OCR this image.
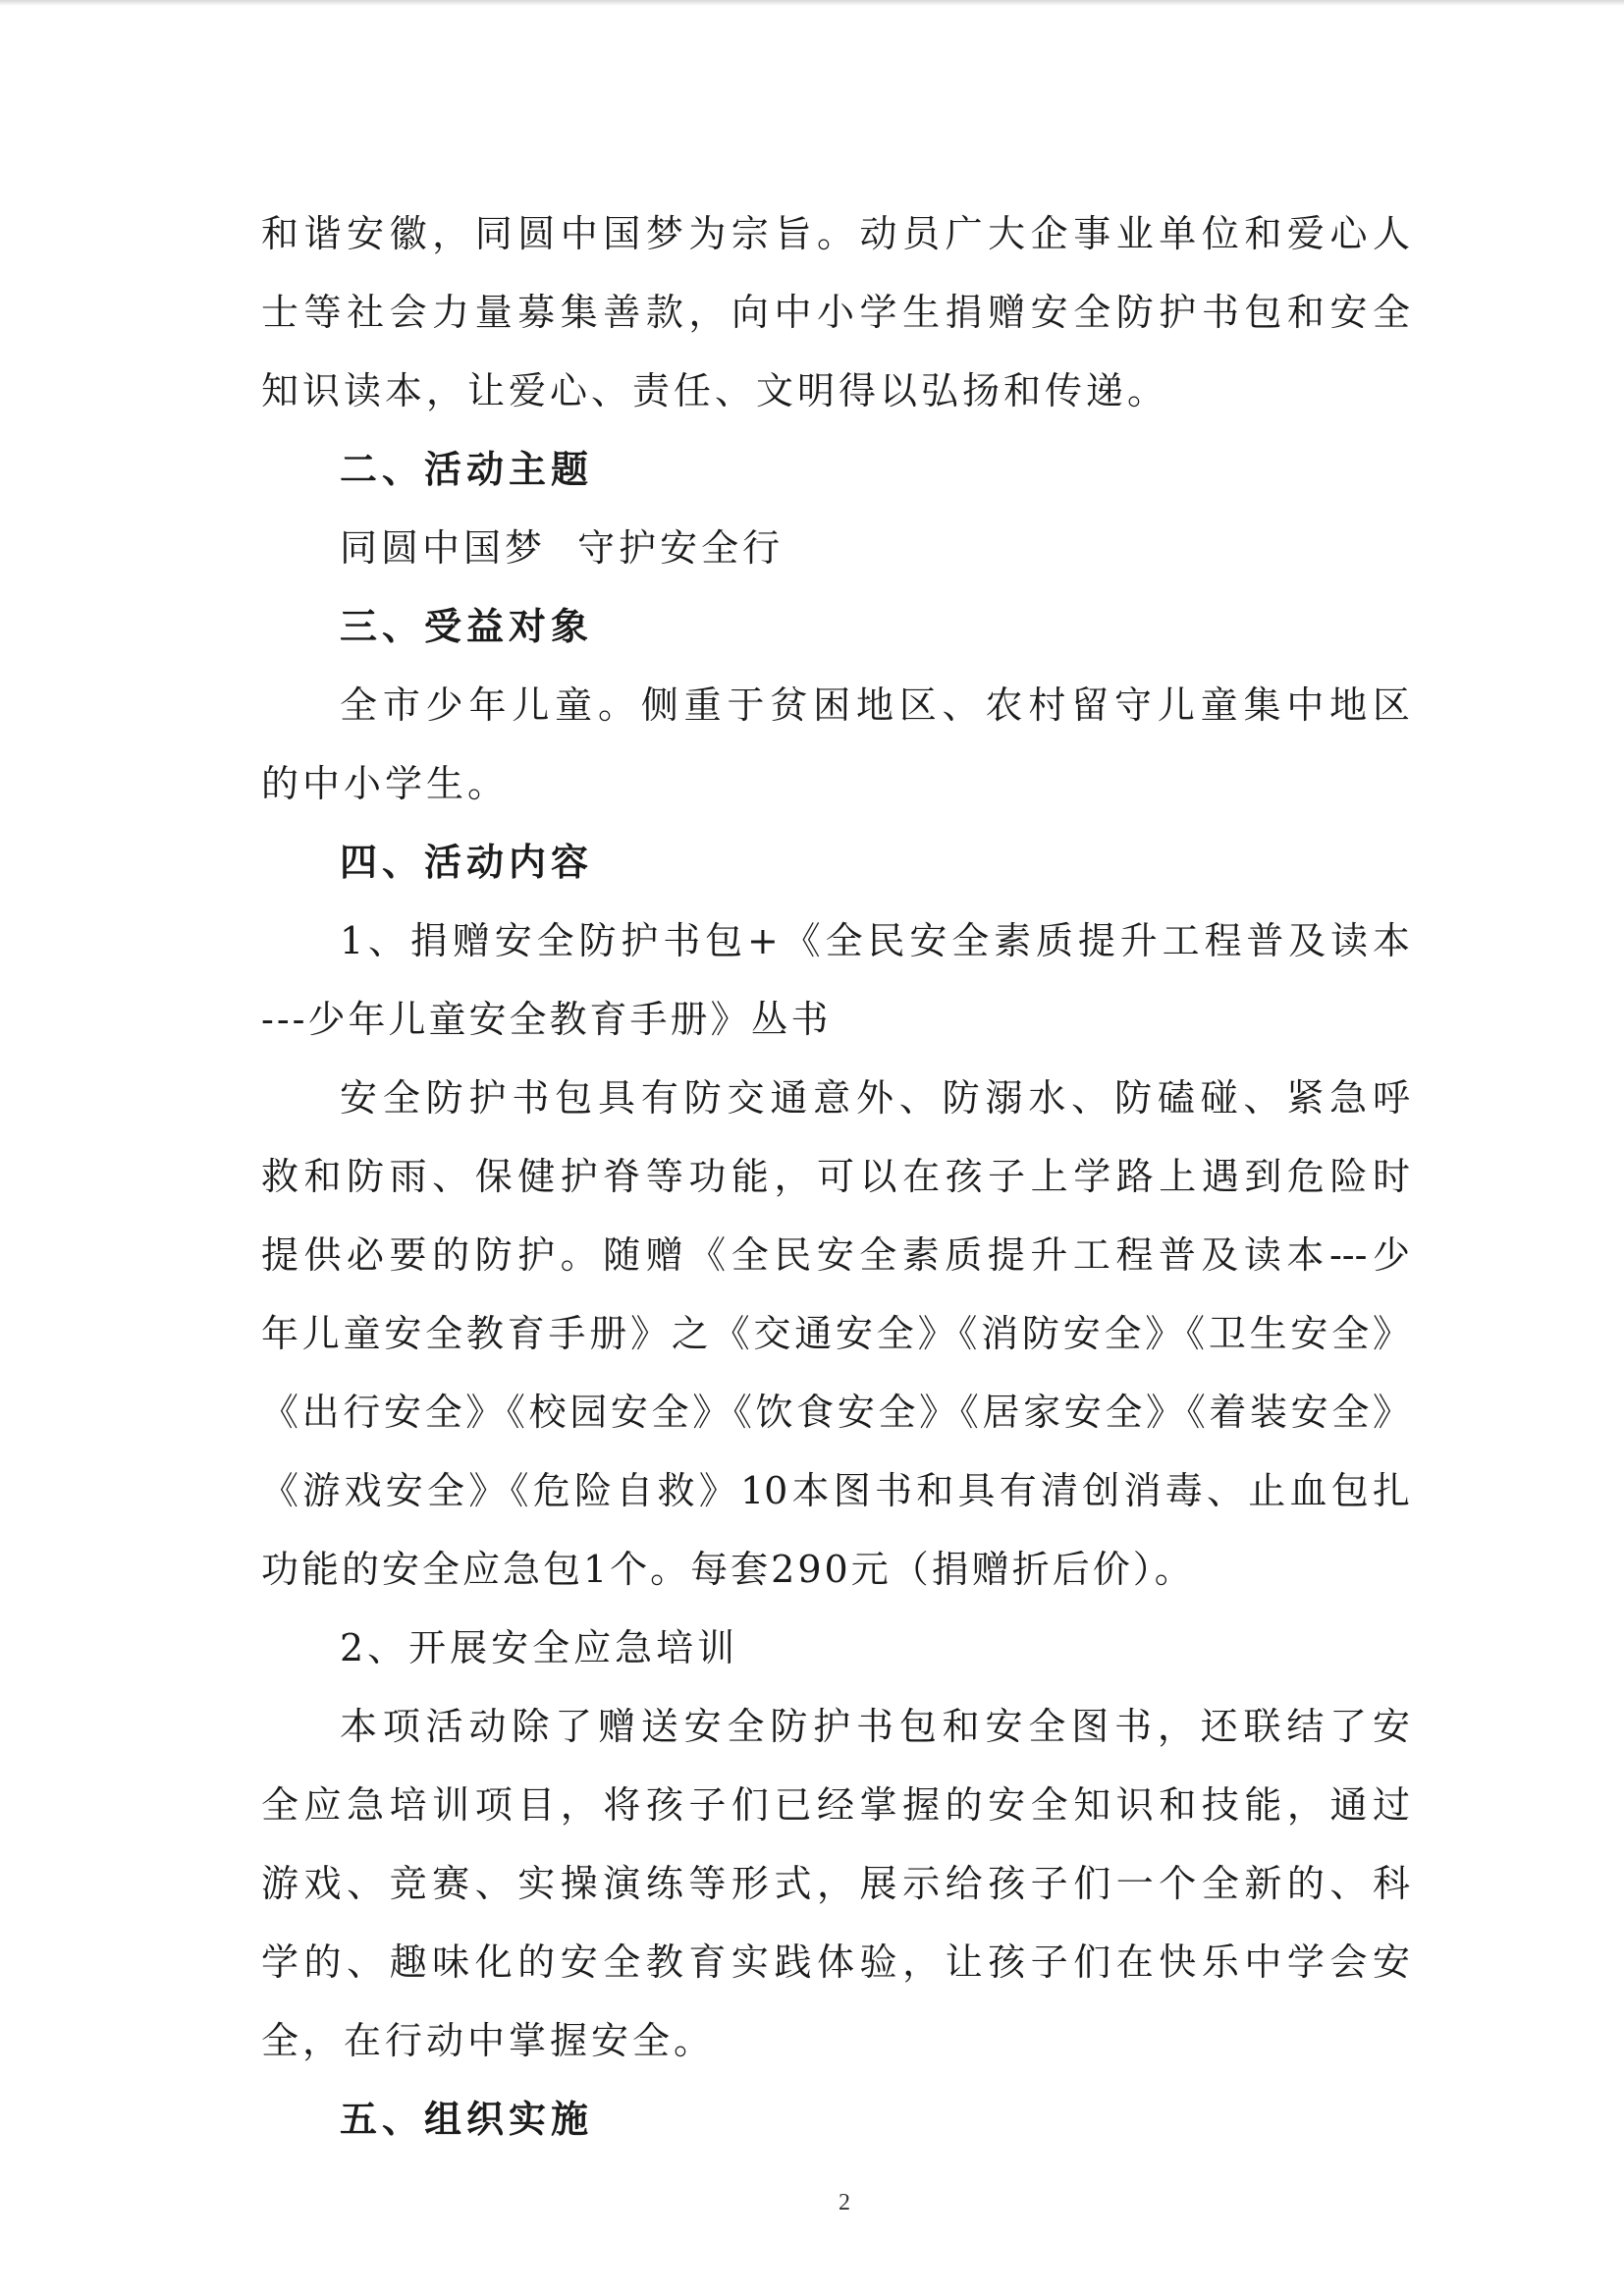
和谐安徽，同圆中国梦为宗旨。动员广大企事业单位和爱心人
士等社会力量募集善款，向中小学生捐赠安全防护书包和安全
知识读本，让爱心、责任、文明得以弘扬和传递。
二、活动主题
同圆中国梦  守护安全行
三、受益对象
全市少年儿童。侧重于贫困地区、农村留守儿童集中地区
的中小学生。
四、活动内容
1、捐赠安全防护书包+《全民安全素质提升工程普及读本
---少年儿童安全教育手册》丛书
安全防护书包具有防交通意外、防溺水、防磕碰、紧急呼
救和防雨、保健护脊等功能，可以在孩子上学路上遇到危险时
提供必要的防护。随赠《全民安全素质提升工程普及读本---少
年儿童安全教育手册》之《交通安全》《消防安全》《卫生安全》
《出行安全》《校园安全》《饮食安全》《居家安全》《着装安全》
《游戏安全》《危险自救》10本图书和具有清创消毒、止血包扎
功能的安全应急包1个。每套290元（捐赠折后价）。
2、开展安全应急培训
本项活动除了赠送安全防护书包和安全图书，还联结了安
全应急培训项目，将孩子们已经掌握的安全知识和技能，通过
游戏、竞赛、实操演练等形式，展示给孩子们一个全新的、科
学的、趣味化的安全教育实践体验，让孩子们在快乐中学会安
全，在行动中掌握安全。
五、组织实施
2
